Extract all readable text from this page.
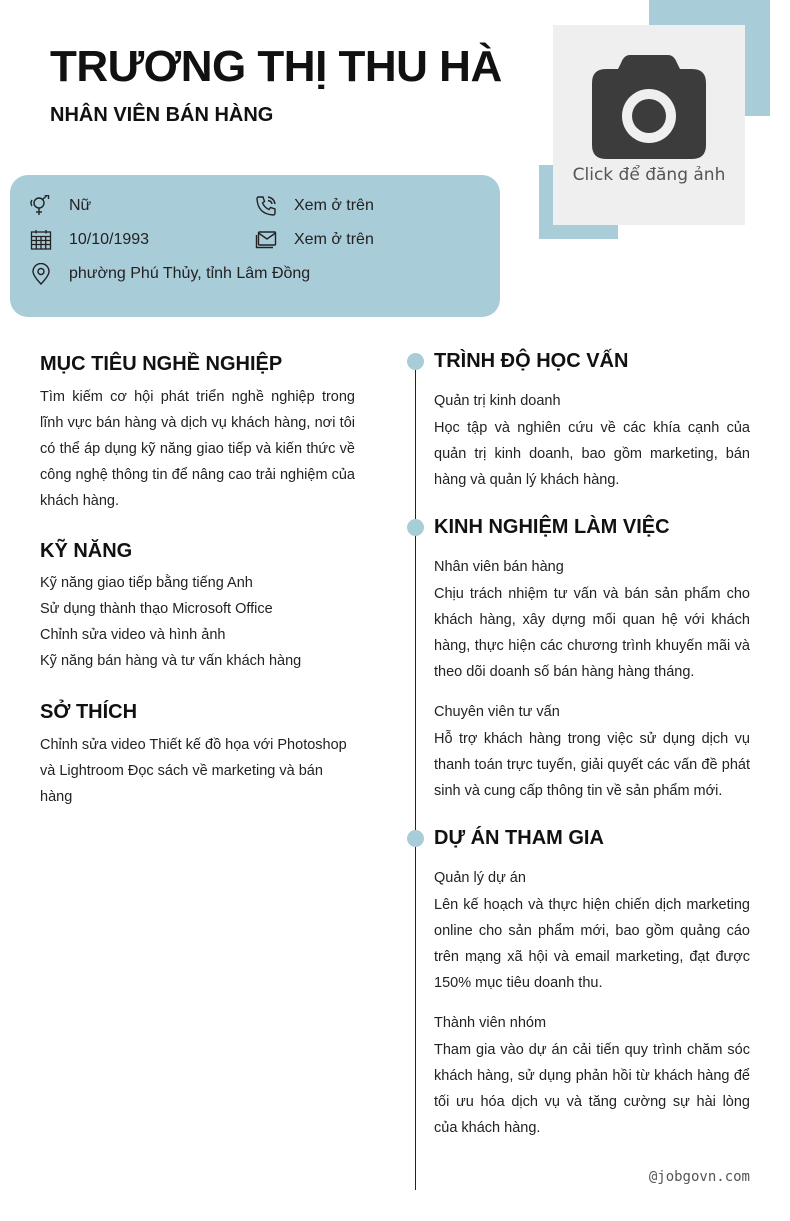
TRƯƠNG THỊ THU HÀ
NHÂN VIÊN BÁN HÀNG
Click để đăng ảnh
Nữ	Xem ở trên
10/10/1993	Xem ở trên
phường Phú Thủy, tỉnh Lâm Đồng
MỤC TIÊU NGHỀ NGHIỆP
Tìm kiếm cơ hội phát triển nghề nghiệp trong lĩnh vực bán hàng và dịch vụ khách hàng, nơi tôi có thể áp dụng kỹ năng giao tiếp và kiến thức về công nghệ thông tin để nâng cao trải nghiệm của khách hàng.
KỸ NĂNG
Kỹ năng giao tiếp bằng tiếng Anh
Sử dụng thành thạo Microsoft Office
Chỉnh sửa video và hình ảnh
Kỹ năng bán hàng và tư vấn khách hàng
SỞ THÍCH
Chỉnh sửa video Thiết kế đồ họa với Photoshop và Lightroom Đọc sách về marketing và bán hàng
TRÌNH ĐỘ HỌC VẤN
Quản trị kinh doanh
Học tập và nghiên cứu về các khía cạnh của quản trị kinh doanh, bao gồm marketing, bán hàng và quản lý khách hàng.
KINH NGHIỆM LÀM VIỆC
Nhân viên bán hàng
Chịu trách nhiệm tư vấn và bán sản phẩm cho khách hàng, xây dựng mối quan hệ với khách hàng, thực hiện các chương trình khuyến mãi và theo dõi doanh số bán hàng hàng tháng.
Chuyên viên tư vấn
Hỗ trợ khách hàng trong việc sử dụng dịch vụ thanh toán trực tuyến, giải quyết các vấn đề phát sinh và cung cấp thông tin về sản phẩm mới.
DỰ ÁN THAM GIA
Quản lý dự án
Lên kế hoạch và thực hiện chiến dịch marketing online cho sản phẩm mới, bao gồm quảng cáo trên mạng xã hội và email marketing, đạt được 150% mục tiêu doanh thu.
Thành viên nhóm
Tham gia vào dự án cải tiến quy trình chăm sóc khách hàng, sử dụng phản hồi từ khách hàng để tối ưu hóa dịch vụ và tăng cường sự hài lòng của khách hàng.
@jobgovn.com
